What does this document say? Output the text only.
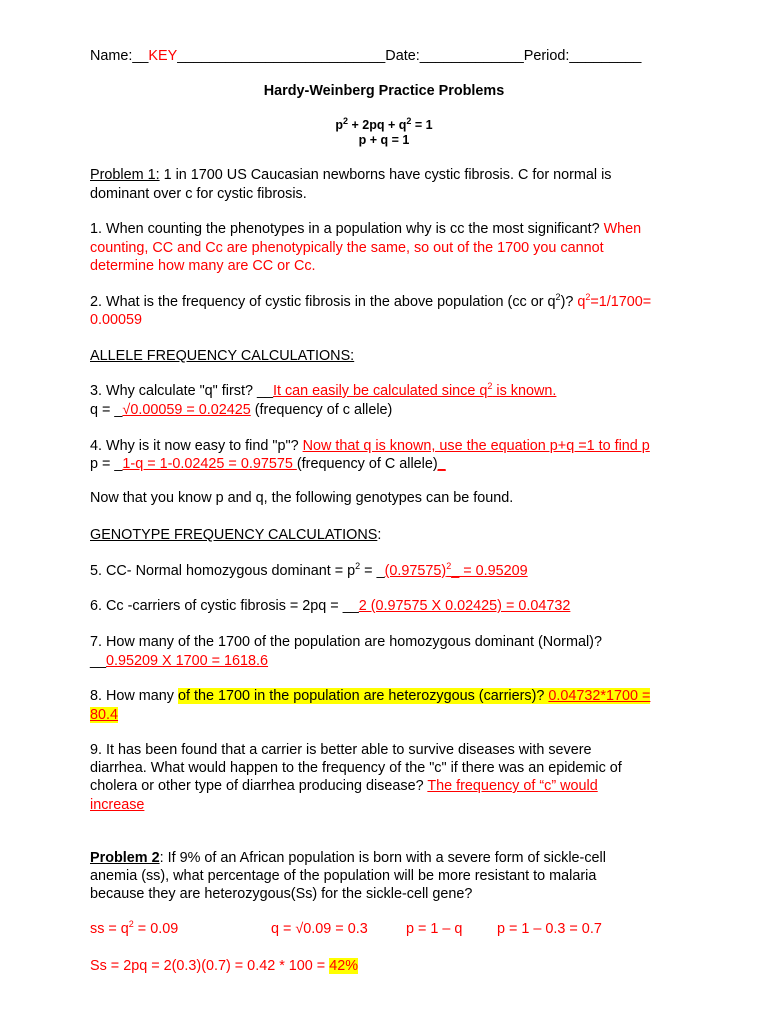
Name:__KEY__________________________Date:_____________Period:_________
Hardy-Weinberg Practice Problems
$p^2 + 2pq + q^2 = 1$
p + q = 1
Problem 1: 1 in 1700 US Caucasian newborns have cystic fibrosis. C for normal is
dominant over c for cystic fibrosis.
1. When counting the phenotypes in a population why is cc the most significant? When
counting, CC and Cc are phenotypically the same, so out of the 1700 you cannot
determine how many are CC or Cc.
2. What is the frequency of cystic fibrosis in the above population (cc or $q^2$)? $q^2=1/1700=$
0.00059
ALLELE FREQUENCY CALCULATIONS:
3. Why calculate "q" first? __It can easily be calculated since $q^2$ is known.
q = _√0.00059 = 0.02425 (frequency of c allele)
4. Why is it now easy to find "p"? Now that q is known, use the equation p+q =1 to find p
p = _1-q = 1-0.02425 = 0.97575 (frequency of C allele)_
Now that you know p and q, the following genotypes can be found.
GENOTYPE FREQUENCY CALCULATIONS:
5. CC- Normal homozygous dominant = $p^2$ = $\_(0.97575)^2\_ = 0.95209$
6. Cc -carriers of cystic fibrosis = 2pq = __2 (0.97575 X 0.02425) = 0.04732
7. How many of the 1700 of the population are homozygous dominant (Normal)?
__0.95209 X 1700 = 1618.6
8. How many of the 1700 in the population are heterozygous (carriers)? 0.04732*1700 =
80.4
9. It has been found that a carrier is better able to survive diseases with severe
diarrhea. What would happen to the frequency of the "c" if there was an epidemic of
cholera or other type of diarrhea producing disease? The frequency of “c” would
increase
Problem 2: If 9% of an African population is born with a severe form of sickle-cell
anemia (ss), what percentage of the population will be more resistant to malaria
because they are heterozygous(Ss) for the sickle-cell gene?
ss = $q^2 = 0.09$	q = √0.09 = 0.3	p = 1 – q p = 1 – 0.3 = 0.7
Ss = 2pq = 2(0.3)(0.7) = 0.42 * 100 = 42%
